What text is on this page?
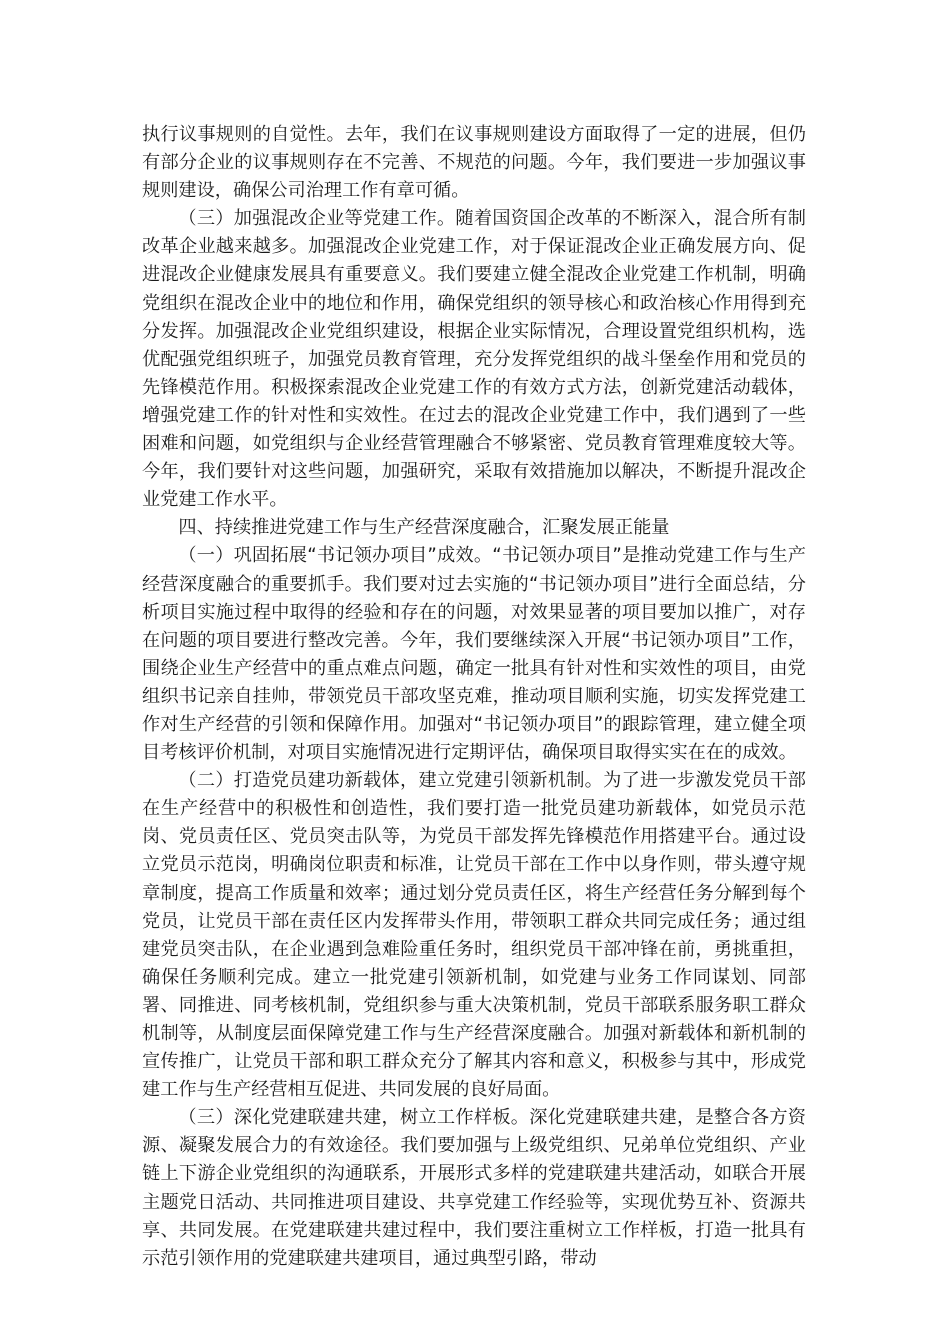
执行议事规则的自觉性。去年，我们在议事规则建设方面取得了一定的进展，但仍有部分企业的议事规则存在不完善、不规范的问题。今年，我们要进一步加强议事规则建设，确保公司治理工作有章可循。

（三）加强混改企业等党建工作。随着国资国企改革的不断深入，混合所有制改革企业越来越多。加强混改企业党建工作，对于保证混改企业正确发展方向、促进混改企业健康发展具有重要意义。我们要建立健全混改企业党建工作机制，明确党组织在混改企业中的地位和作用，确保党组织的领导核心和政治核心作用得到充分发挥。加强混改企业党组织建设，根据企业实际情况，合理设置党组织机构，选优配强党组织班子，加强党员教育管理，充分发挥党组织的战斗堡垒作用和党员的先锋模范作用。积极探索混改企业党建工作的有效方式方法，创新党建活动载体，增强党建工作的针对性和实效性。在过去的混改企业党建工作中，我们遇到了一些困难和问题，如党组织与企业经营管理融合不够紧密、党员教育管理难度较大等。今年，我们要针对这些问题，加强研究，采取有效措施加以解决，不断提升混改企业党建工作水平。

四、持续推进党建工作与生产经营深度融合，汇聚发展正能量

（一）巩固拓展“书记领办项目”成效。“书记领办项目”是推动党建工作与生产经营深度融合的重要抓手。我们要对过去实施的“书记领办项目”进行全面总结，分析项目实施过程中取得的经验和存在的问题，对效果显著的项目要加以推广，对存在问题的项目要进行整改完善。今年，我们要继续深入开展“书记领办项目”工作，围绕企业生产经营中的重点难点问题，确定一批具有针对性和实效性的项目，由党组织书记亲自挂帅，带领党员干部攻坚克难，推动项目顺利实施，切实发挥党建工作对生产经营的引领和保障作用。加强对“书记领办项目”的跟踪管理，建立健全项目考核评价机制，对项目实施情况进行定期评估，确保项目取得实实在在的成效。

（二）打造党员建功新载体，建立党建引领新机制。为了进一步激发党员干部在生产经营中的积极性和创造性，我们要打造一批党员建功新载体，如党员示范岗、党员责任区、党员突击队等，为党员干部发挥先锋模范作用搭建平台。通过设立党员示范岗，明确岗位职责和标准，让党员干部在工作中以身作则，带头遵守规章制度，提高工作质量和效率；通过划分党员责任区，将生产经营任务分解到每个党员，让党员干部在责任区内发挥带头作用，带领职工群众共同完成任务；通过组建党员突击队，在企业遇到急难险重任务时，组织党员干部冲锋在前，勇挑重担，确保任务顺利完成。建立一批党建引领新机制，如党建与业务工作同谋划、同部署、同推进、同考核机制，党组织参与重大决策机制，党员干部联系服务职工群众机制等，从制度层面保障党建工作与生产经营深度融合。加强对新载体和新机制的宣传推广，让党员干部和职工群众充分了解其内容和意义，积极参与其中，形成党建工作与生产经营相互促进、共同发展的良好局面。

（三）深化党建联建共建，树立工作样板。深化党建联建共建，是整合各方资源、凝聚发展合力的有效途径。我们要加强与上级党组织、兄弟单位党组织、产业链上下游企业党组织的沟通联系，开展形式多样的党建联建共建活动，如联合开展主题党日活动、共同推进项目建设、共享党建工作经验等，实现优势互补、资源共享、共同发展。在党建联建共建过程中，我们要注重树立工作样板，打造一批具有示范引领作用的党建联建共建项目，通过典型引路，带动
